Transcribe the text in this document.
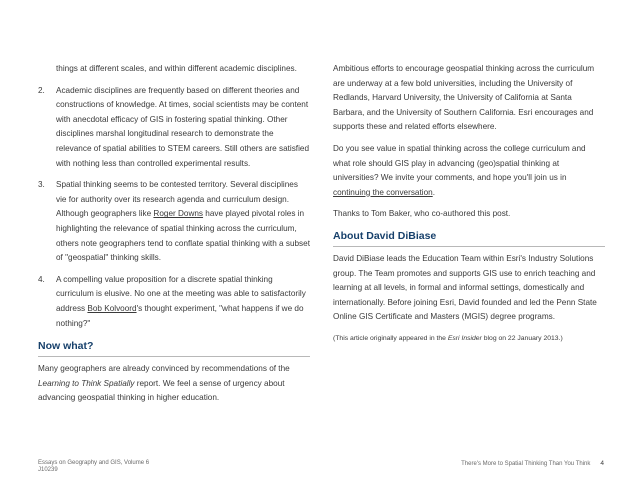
things at different scales, and within different academic disciplines.

2. Academic disciplines are frequently based on different theories and constructions of knowledge. At times, social scientists may be content with anecdotal efficacy of GIS in fostering spatial thinking. Other disciplines marshal longitudinal research to demonstrate the relevance of spatial abilities to STEM careers. Still others are satisfied with nothing less than controlled experimental results.
3. Spatial thinking seems to be contested territory. Several disciplines vie for authority over its research agenda and curriculum design. Although geographers like Roger Downs have played pivotal roles in highlighting the relevance of spatial thinking across the curriculum, others note geographers tend to conflate spatial thinking with a subset of "geospatial" thinking skills.
4. A compelling value proposition for a discrete spatial thinking curriculum is elusive. No one at the meeting was able to satisfactorily address Bob Kolvoord's thought experiment, "what happens if we do nothing?"
Now what?

Many geographers are already convinced by recommendations of the Learning to Think Spatially report. We feel a sense of urgency about advancing geospatial thinking in higher education.

Ambitious efforts to encourage geospatial thinking across the curriculum are underway at a few bold universities, including the University of Redlands, Harvard University, the University of California at Santa Barbara, and the University of Southern California. Esri encourages and supports these and related efforts elsewhere.

Do you see value in spatial thinking across the college curriculum and what role should GIS play in advancing (geo)spatial thinking at universities? We invite your comments, and hope you'll join us in continuing the conversation.

Thanks to Tom Baker, who co-authored this post.

About David DiBiase

David DiBiase leads the Education Team within Esri's Industry Solutions group. The Team promotes and supports GIS use to enrich teaching and learning at all levels, in formal and informal settings, domestically and internationally. Before joining Esri, David founded and led the Penn State Online GIS Certificate and Masters (MGIS) degree programs.

(This article originally appeared in the Esri Insider blog on 22 January 2013.)

Essays on Geography and GIS, Volume 6
J10239
There's More to Spatial Thinking Than You Think 4
